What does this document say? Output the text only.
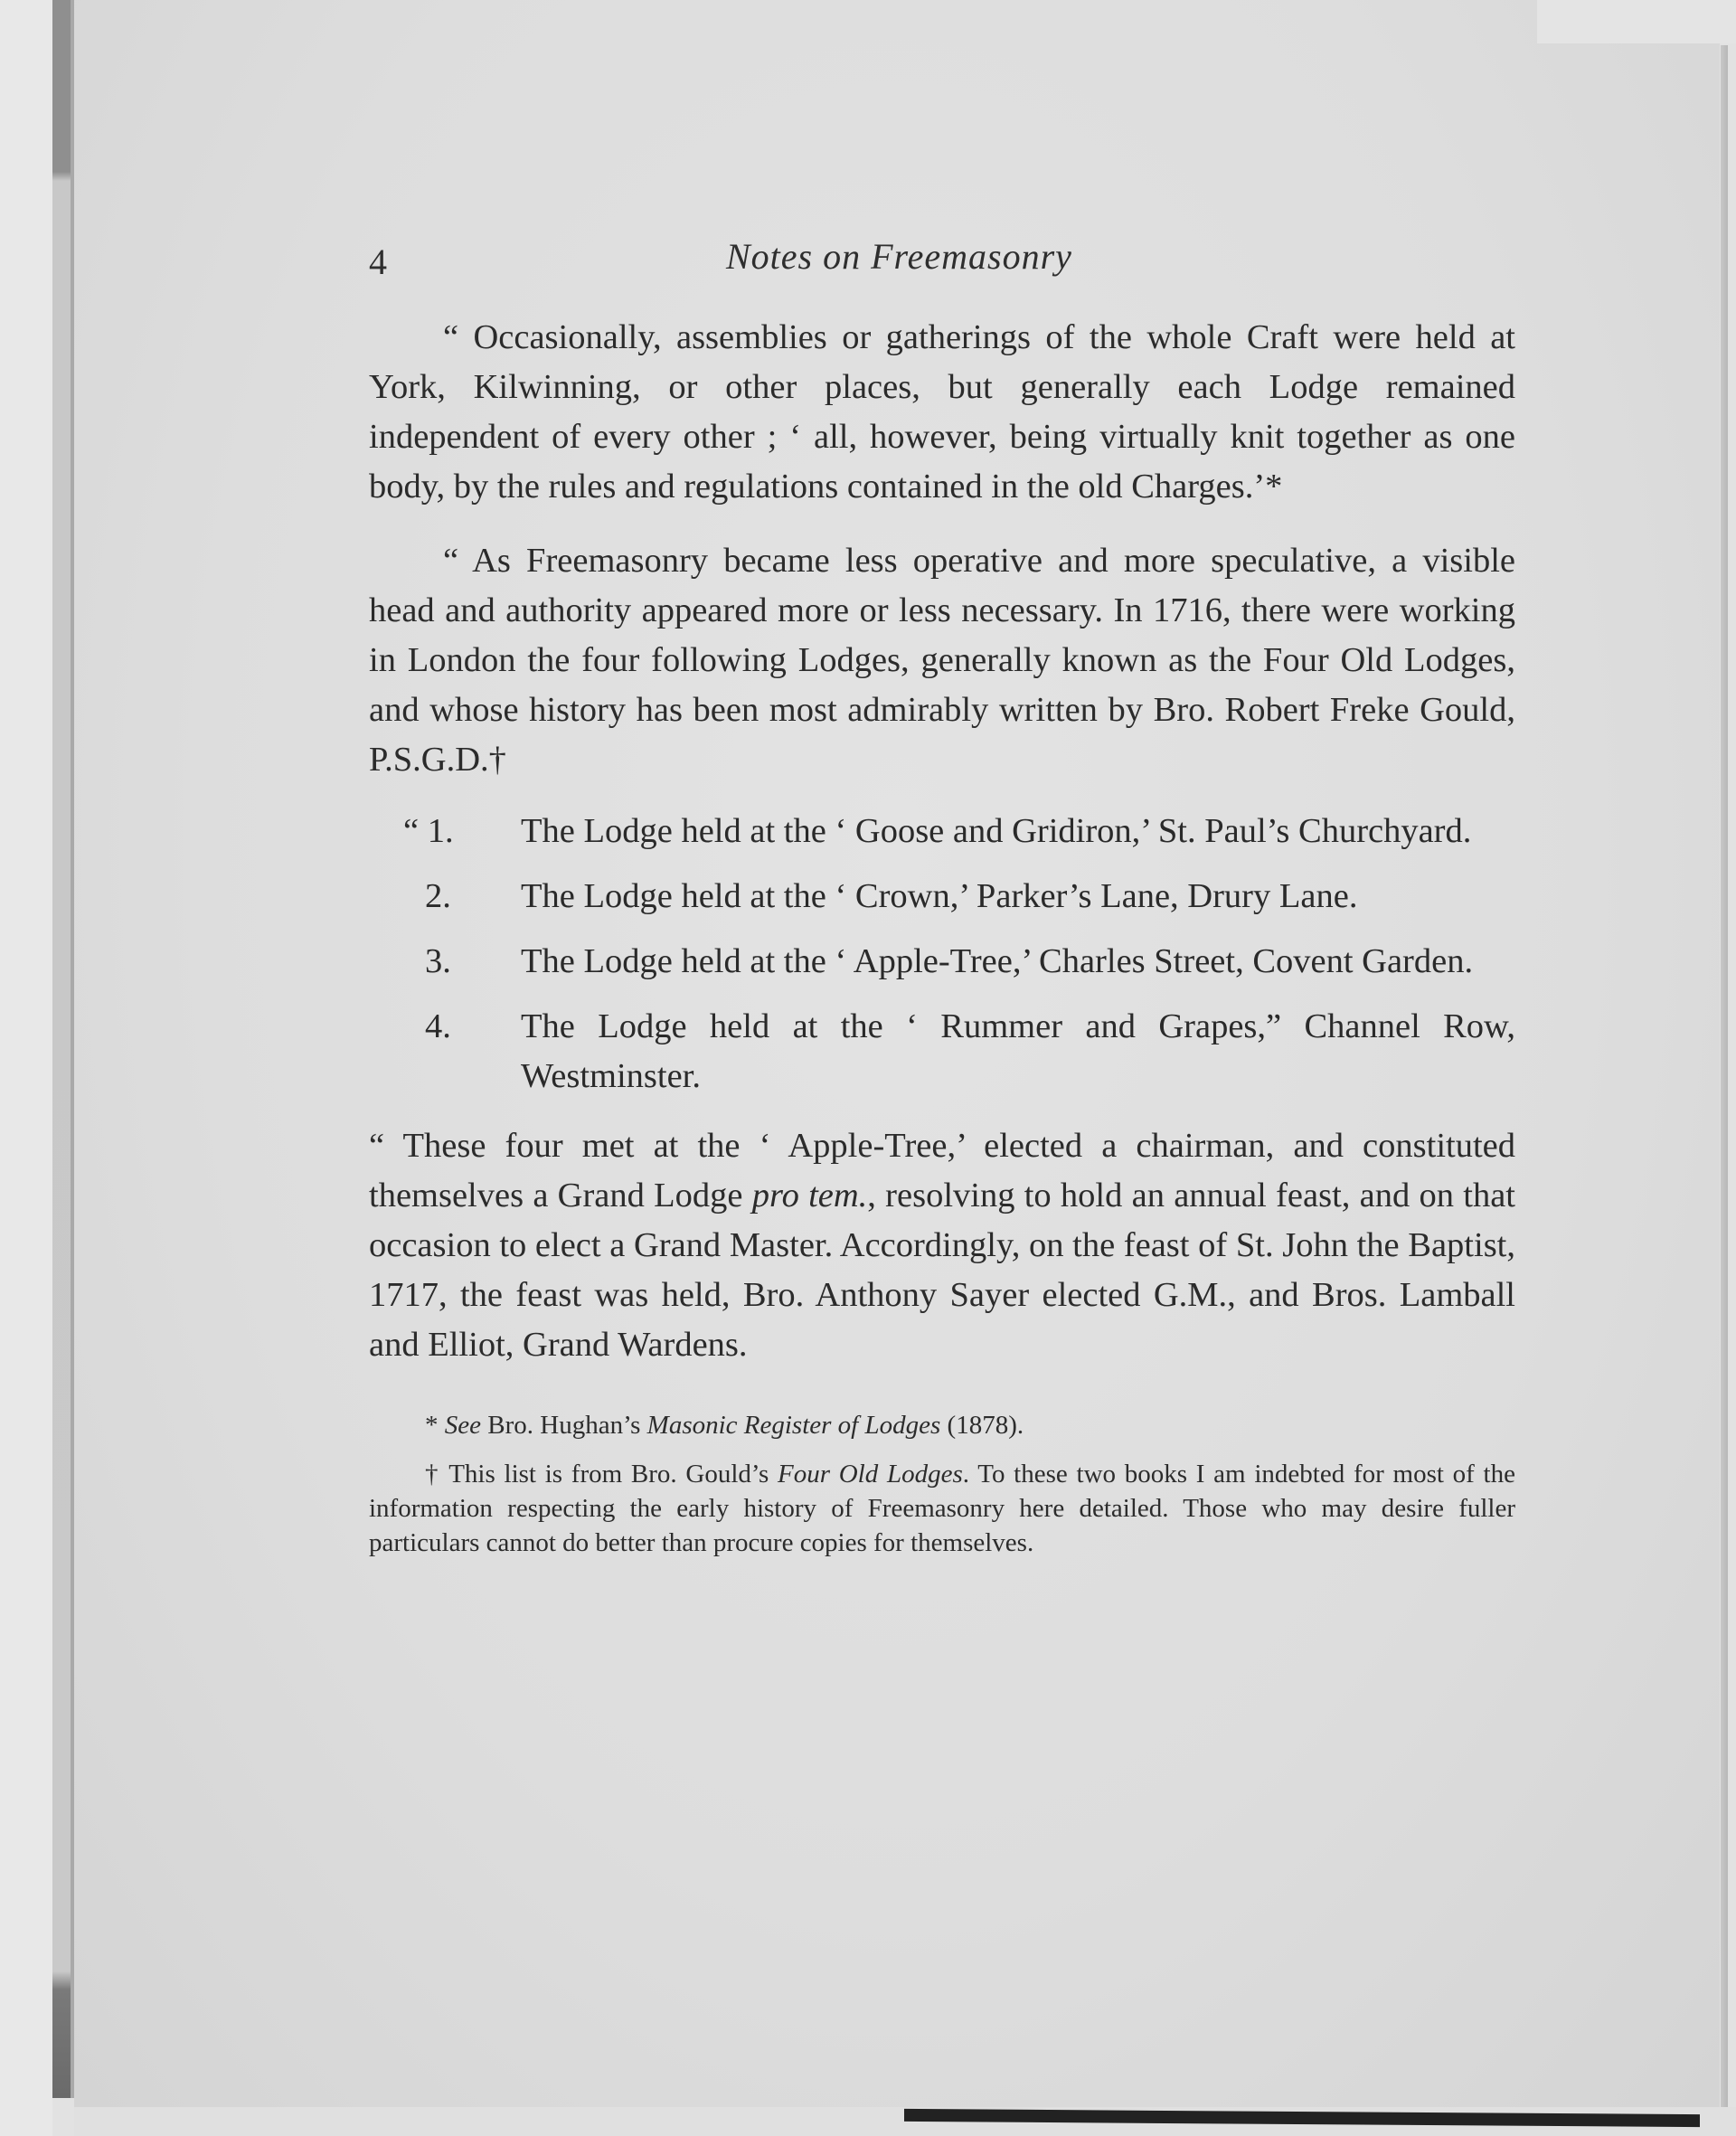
4	Notes on Freemasonry

“ Occasionally, assemblies or gatherings of the whole Craft were held at York, Kilwinning, or other places, but generally each Lodge remained independent of every other ; ‘ all, however, being virtually knit together as one body, by the rules and regulations contained in the old Charges.’*

“ As Freemasonry became less operative and more speculative, a visible head and authority appeared more or less necessary. In 1716, there were working in London the four following Lodges, generally known as the Four Old Lodges, and whose history has been most admirably written by Bro. Robert Freke Gould, P.S.G.D.†

“ 1. The Lodge held at the ‘ Goose and Gridiron,’ St. Paul’s Churchyard.
2. The Lodge held at the ‘ Crown,’ Parker’s Lane, Drury Lane.
3. The Lodge held at the ‘ Apple-Tree,’ Charles Street, Covent Garden.
4. The Lodge held at the ‘ Rummer and Grapes,” Channel Row, Westminster.

“ These four met at the ‘ Apple-Tree,’ elected a chairman, and constituted themselves a Grand Lodge pro tem., resolving to hold an annual feast, and on that occasion to elect a Grand Master. Accordingly, on the feast of St. John the Baptist, 1717, the feast was held, Bro. Anthony Sayer elected G.M., and Bros. Lamball and Elliot, Grand Wardens.

* See Bro. Hughan’s Masonic Register of Lodges (1878).

† This list is from Bro. Gould’s Four Old Lodges. To these two books I am indebted for most of the information respecting the early history of Freemasonry here detailed. Those who may desire fuller particulars cannot do better than procure copies for themselves.
